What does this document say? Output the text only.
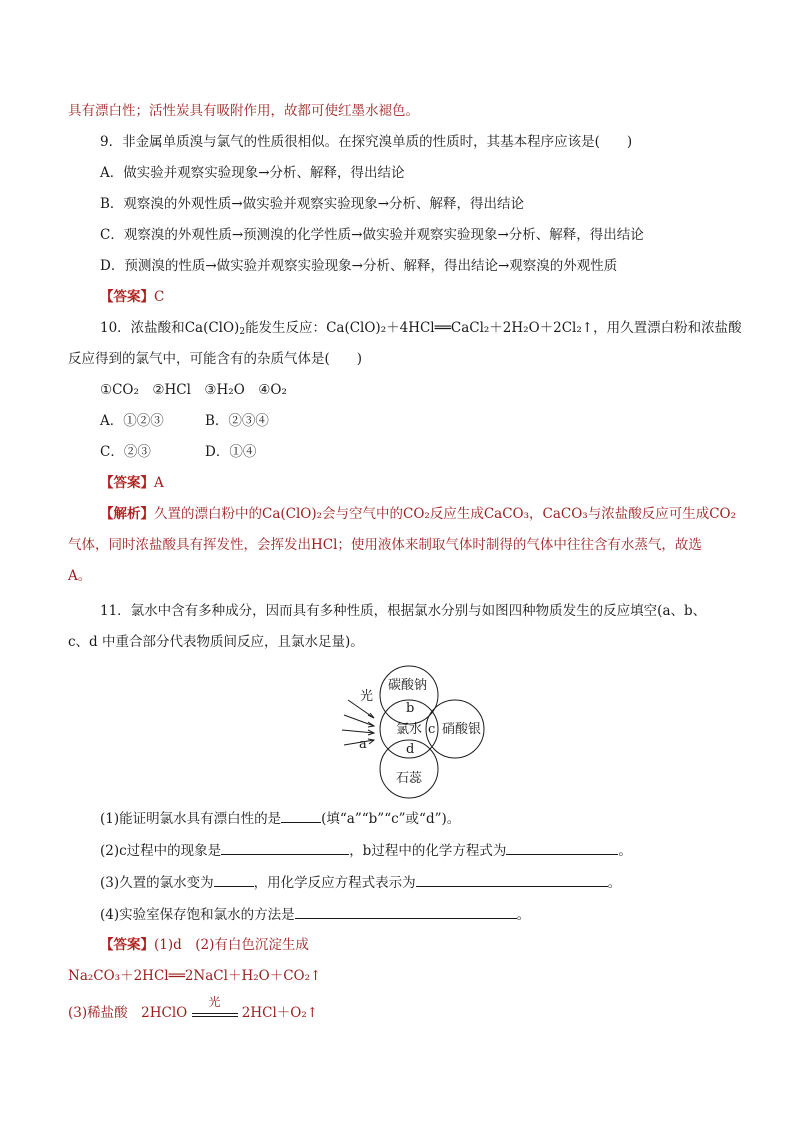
具有漂白性；活性炭具有吸附作用，故都可使红墨水褪色。
9．非金属单质溴与氯气的性质很相似。在探究溴单质的性质时，其基本程序应该是(　　)
A．做实验并观察实验现象→分析、解释，得出结论
B．观察溴的外观性质→做实验并观察实验现象→分析、解释，得出结论
C．观察溴的外观性质→预测溴的化学性质→做实验并观察实验现象→分析、解释，得出结论
D．预测溴的性质→做实验并观察实验现象→分析、解释，得出结论→观察溴的外观性质
【答案】C
10．浓盐酸和$Ca(ClO)_2$能发生反应：Ca(ClO)₂＋4HCl══CaCl₂＋2H₂O＋2Cl₂↑，用久置漂白粉和浓盐酸
反应得到的氯气中，可能含有的杂质气体是(　　)
①CO₂　②HCl　③H₂O　④O₂
A．①②③	B．②③④
C．②③	D．①④
【答案】A
【解析】久置的漂白粉中的Ca(ClO)₂会与空气中的CO₂反应生成CaCO₃，CaCO₃与浓盐酸反应可生成CO₂
气体，同时浓盐酸具有挥发性，会挥发出HCl；使用液体来制取气体时制得的气体中往往含有水蒸气，故选
A。
11．氯水中含有多种成分，因而具有多种性质，根据氯水分别与如图四种物质发生的反应填空(a、b、
c、d 中重合部分代表物质间反应，且氯水足量)。
光
a
碳酸钠
氯水 硝酸银
石蕊
b
c
d
(1)能证明氯水具有漂白性的是	(填“a”“b”“c”或“d”)。
(2)c过程中的现象是	，b过程中的化学方程式为	。
(3)久置的氯水变为	，用化学反应方程式表示为	。
(4)实验室保存饱和氯水的方法是	。
【答案】(1)d　(2)有白色沉淀生成
Na₂CO₃＋2HCl══2NaCl＋H₂O＋CO₂↑
(3)稀盐酸　2HClO
光
2HCl＋O₂↑
